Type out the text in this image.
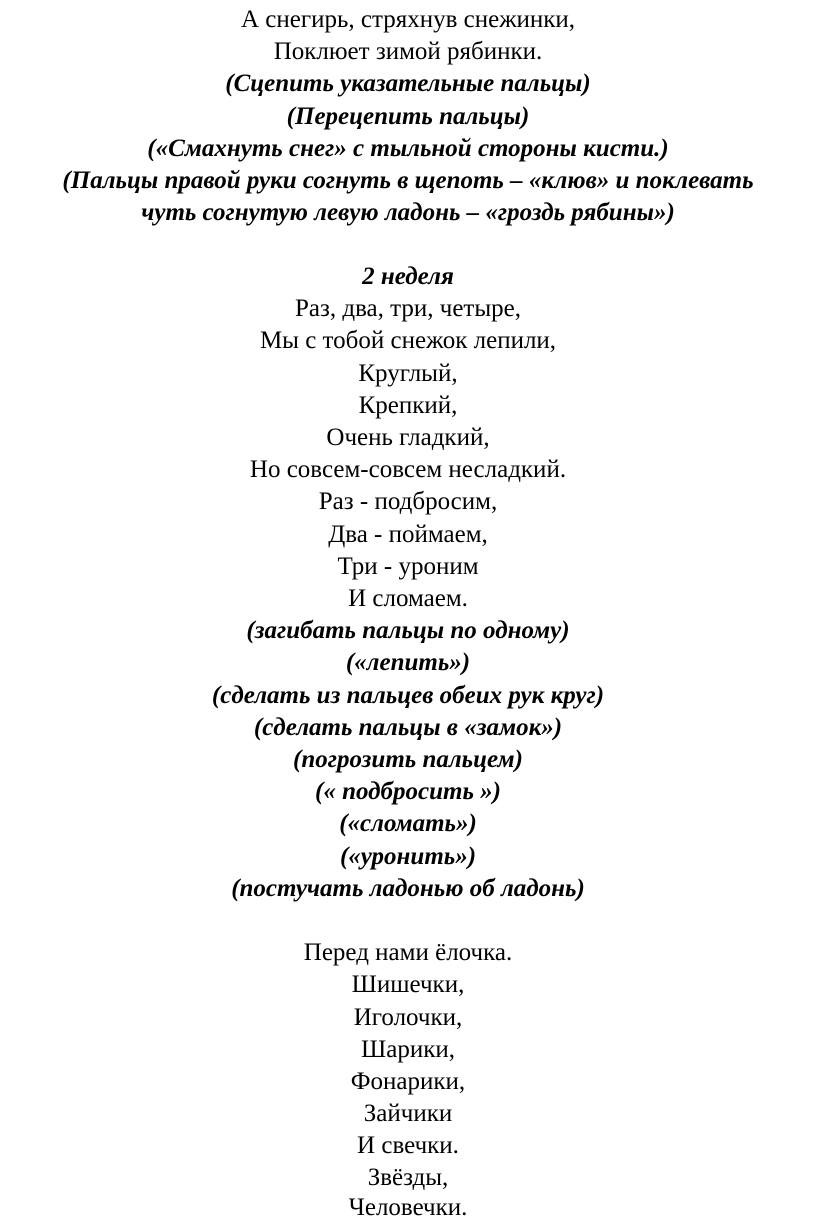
А снегирь, стряхнув снежинки,

Поклюет зимой рябинки.

(Сцепить указательные пальцы)

(Перецепить пальцы)

(«Смахнуть снег» с тыльной стороны кисти.)

(Пальцы правой руки согнуть в щепоть – «клюв» и поклевать

чуть согнутую левую ладонь – «гроздь рябины»)

2 неделя

Раз, два, три, четыре,

Мы с тобой снежок лепили,

Круглый,

Крепкий,

Очень гладкий,

Но совсем-совсем несладкий.

Раз - подбросим,

Два - поймаем,

Три - уроним

И сломаем.

(загибать пальцы по одному)

(«лепить»)

(сделать из пальцев обеих рук круг)

(сделать пальцы в «замок»)

(погрозить пальцем)

(« подбросить »)

(«сломать»)

(«уронить»)

(постучать ладонью об ладонь)

Перед нами ёлочка.

Шишечки,

Иголочки,

Шарики,

Фонарики,

Зайчики

И свечки.

Звёзды,

Человечки.
